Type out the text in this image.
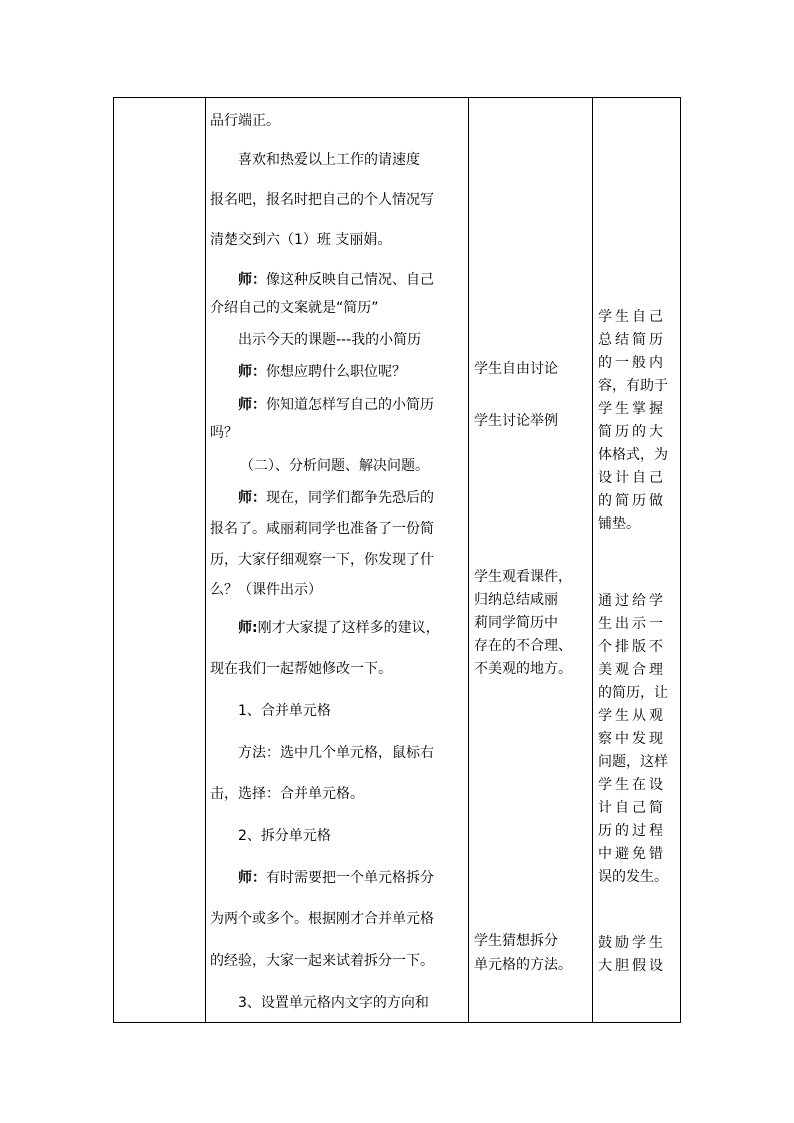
品行端正。

喜欢和热爱以上工作的请速度

报名吧，报名时把自己的个人情况写

清楚交到六（1）班 支丽娟。

师：像这种反映自己情况、自己

介绍自己的文案就是“简历”

出示今天的课题---我的小简历

师：你想应聘什么职位呢？

师：你知道怎样写自己的小简历

吗？

（二）、分析问题、解决问题。

师：现在，同学们都争先恐后的

报名了。咸丽莉同学也准备了一份简

历，大家仔细观察一下，你发现了什

么？（课件出示）

师:刚才大家提了这样多的建议，

现在我们一起帮她修改一下。

1、合并单元格

方法：选中几个单元格，鼠标右

击，选择：合并单元格。

2、拆分单元格

师：有时需要把一个单元格拆分

为两个或多个。根据刚才合并单元格

的经验，大家一起来试着拆分一下。

3、设置单元格内文字的方向和

学生自由讨论

学生讨论举例

学生观看课件，

归纳总结咸丽

莉同学简历中

存在的不合理、

不美观的地方。

学生猜想拆分

单元格的方法。

学生自己

总结简历

的一般内

容，有助于

学生掌握

简历的大

体格式，为

设计自己

的简历做

铺垫。

通过给学

生出示一

个排版不

美观合理

的简历，让

学生从观

察中发现

问题，这样

学生在设

计自己简

历的过程

中避免错

误的发生。

鼓励学生

大胆假设
